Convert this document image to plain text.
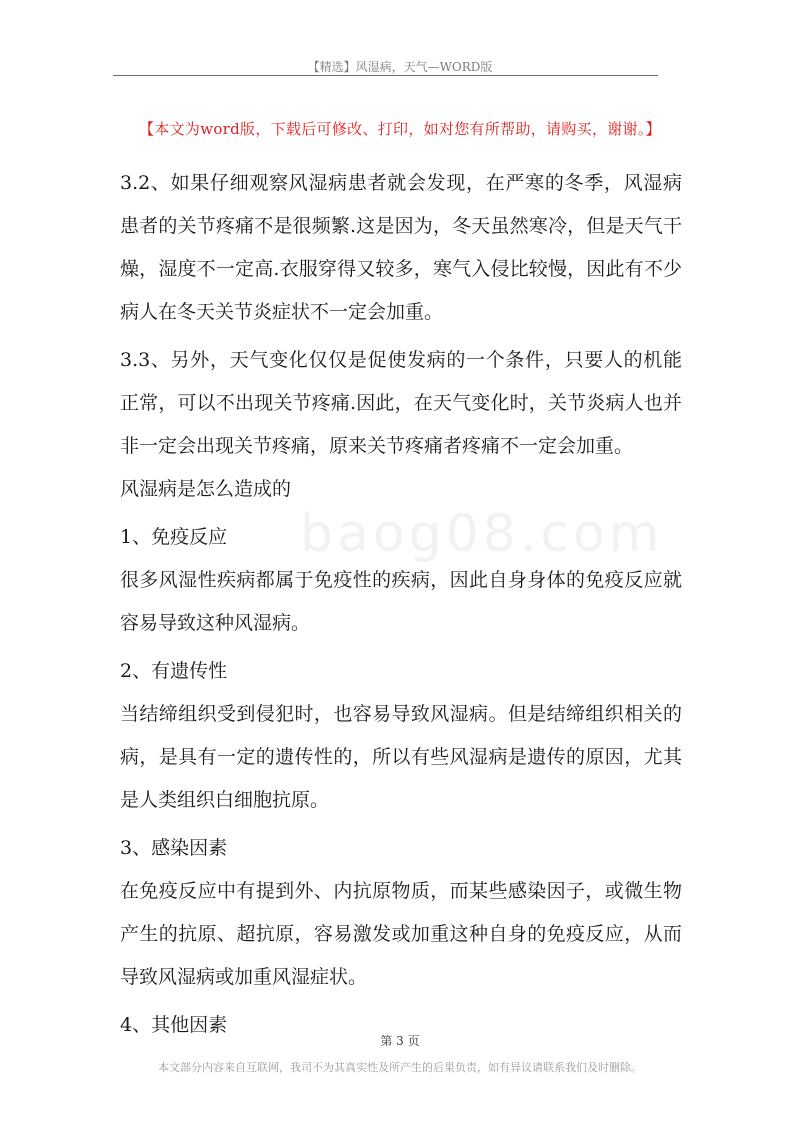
【精选】风湿病，天气—WORD版
【本文为word版，下载后可修改、打印，如对您有所帮助，请购买，谢谢。】
baog08.com

3.2、如果仔细观察风湿病患者就会发现，在严寒的冬季，风湿病患者的关节疼痛不是很频繁.这是因为，冬天虽然寒冷，但是天气干燥，湿度不一定高.衣服穿得又较多，寒气入侵比较慢，因此有不少病人在冬天关节炎症状不一定会加重。

3.3、另外，天气变化仅仅是促使发病的一个条件，只要人的机能正常，可以不出现关节疼痛.因此，在天气变化时，关节炎病人也并非一定会出现关节疼痛，原来关节疼痛者疼痛不一定会加重。

风湿病是怎么造成的

1、免疫反应

很多风湿性疾病都属于免疫性的疾病，因此自身身体的免疫反应就容易导致这种风湿病。

2、有遗传性

当结缔组织受到侵犯时，也容易导致风湿病。但是结缔组织相关的病，是具有一定的遗传性的，所以有些风湿病是遗传的原因，尤其是人类组织白细胞抗原。

3、感染因素

在免疫反应中有提到外、内抗原物质，而某些感染因子，或微生物产生的抗原、超抗原，容易激发或加重这种自身的免疫反应，从而导致风湿病或加重风湿症状。

4、其他因素

第 3 页
本文部分内容来自互联网，我司不为其真实性及所产生的后果负责，如有异议请联系我们及时删除。
